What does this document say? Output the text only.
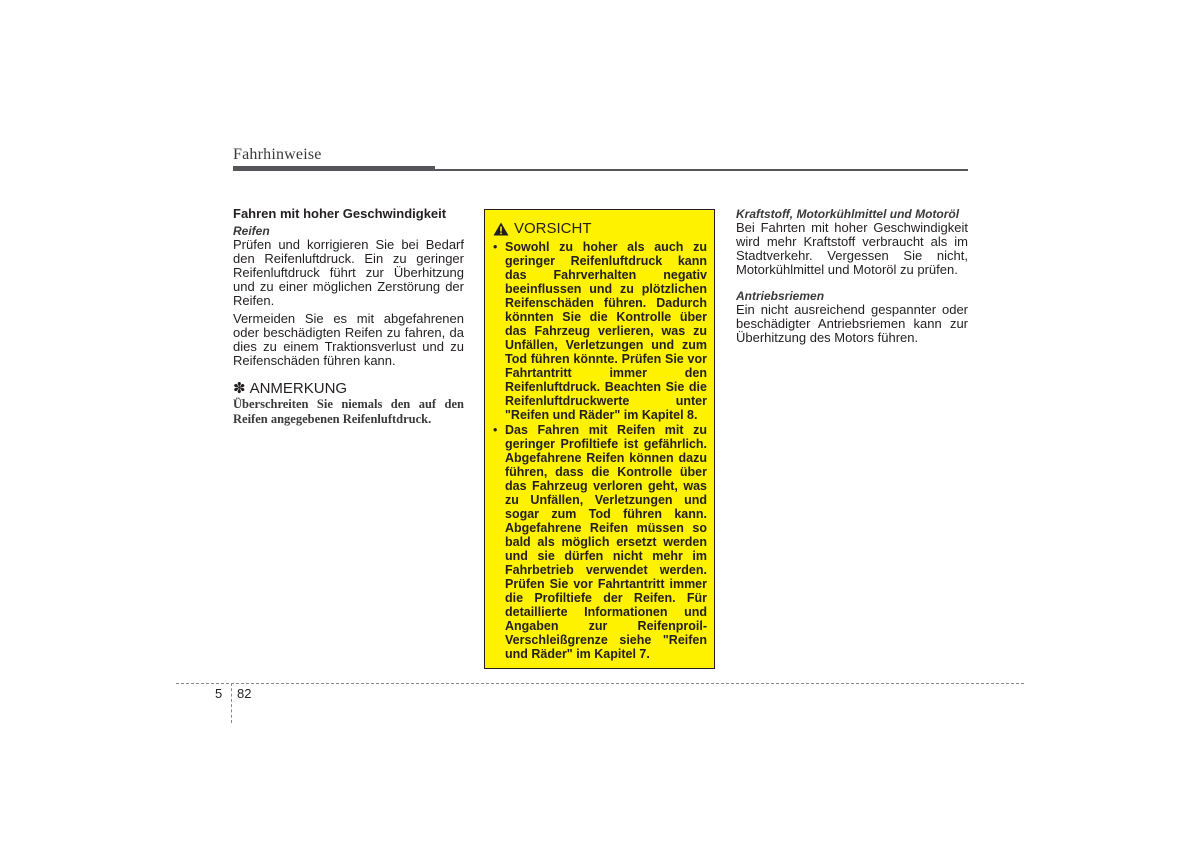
Fahrhinweise
Fahren mit hoher Geschwindigkeit
Reifen

Prüfen und korrigieren Sie bei Bedarf den Reifenluftdruck. Ein zu geringer Reifenluftdruck führt zur Überhitzung und zu einer möglichen Zerstörung der Reifen.

Vermeiden Sie es mit abgefahrenen oder beschädigten Reifen zu fahren, da dies zu einem Traktionsverlust und zu Reifenschäden führen kann.

✽ ANMERKUNG

Überschreiten Sie niemals den auf den Reifen angegebenen Reifenluftdruck.

VORSICHT
• Sowohl zu hoher als auch zu geringer Reifenluftdruck kann das Fahrverhalten negativ beeinflussen und zu plötzlichen Reifenschäden führen. Dadurch könnten Sie die Kontrolle über das Fahrzeug verlieren, was zu Unfällen, Verletzungen und zum Tod führen könnte. Prüfen Sie vor Fahrtantritt immer den Reifenluftdruck. Beachten Sie die Reifenluftdruckwerte unter "Reifen und Räder" im Kapitel 8.
• Das Fahren mit Reifen mit zu geringer Profiltiefe ist gefährlich. Abgefahrene Reifen können dazu führen, dass die Kontrolle über das Fahrzeug verloren geht, was zu Unfällen, Verletzungen und sogar zum Tod führen kann. Abgefahrene Reifen müssen so bald als möglich ersetzt werden und sie dürfen nicht mehr im Fahrbetrieb verwendet werden. Prüfen Sie vor Fahrtantritt immer die Profiltiefe der Reifen. Für detaillierte Informationen und Angaben zur Reifenproil-Verschleißgrenze siehe "Reifen und Räder" im Kapitel 7.
Kraftstoff, Motorkühlmittel und Motoröl

Bei Fahrten mit hoher Geschwindigkeit wird mehr Kraftstoff verbraucht als im Stadtverkehr. Vergessen Sie nicht, Motorkühlmittel und Motoröl zu prüfen.

Antriebsriemen

Ein nicht ausreichend gespannter oder beschädigter Antriebsriemen kann zur Überhitzung des Motors führen.

5 82
